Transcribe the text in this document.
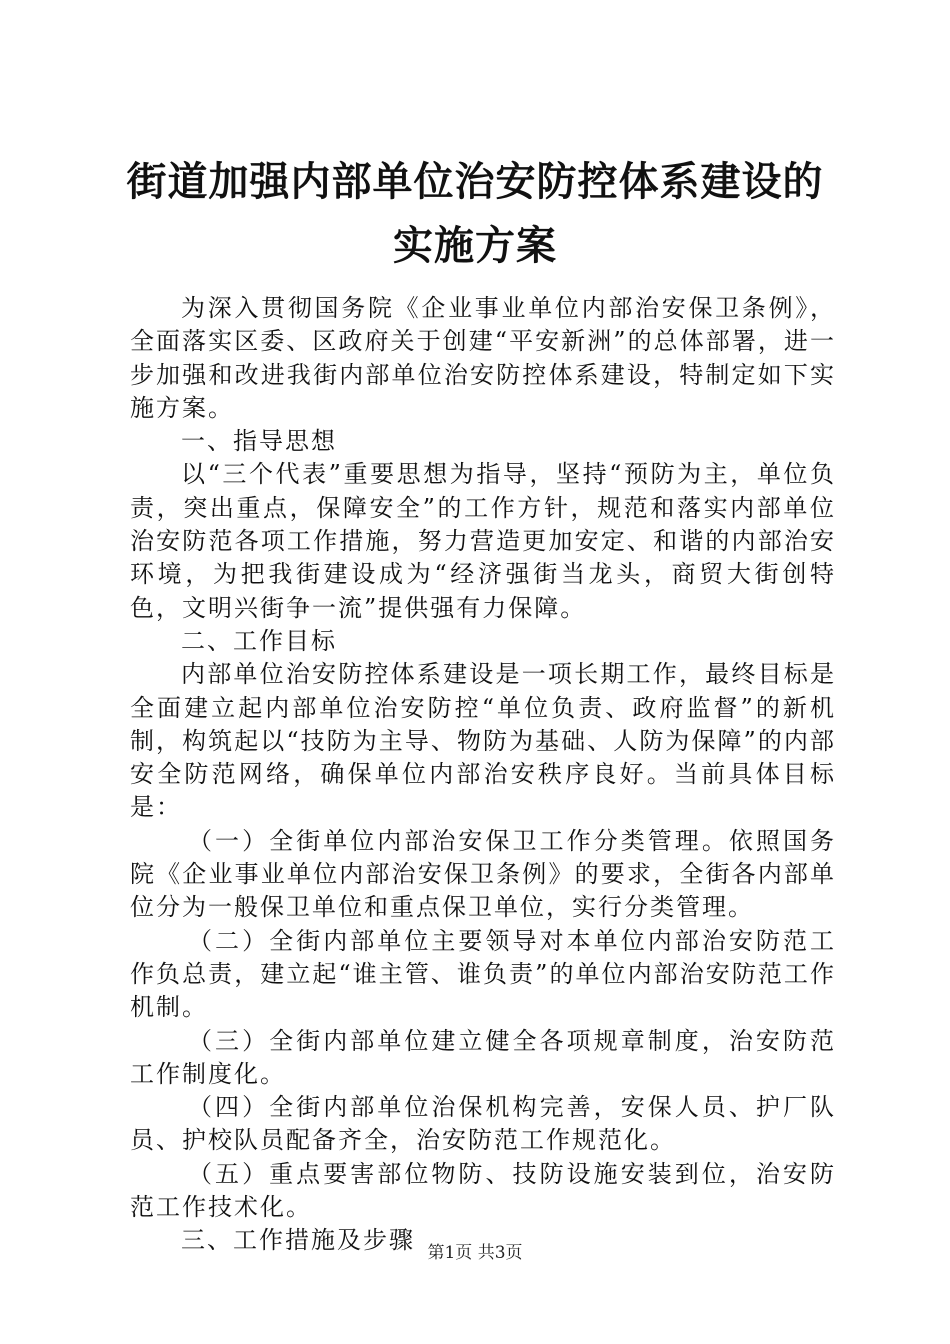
街道加强内部单位治安防控体系建设的实施方案

为深入贯彻国务院《企业事业单位内部治安保卫条例》，全面落实区委、区政府关于创建“平安新洲”的总体部署，进一步加强和改进我街内部单位治安防控体系建设，特制定如下实施方案。

一、指导思想

以“三个代表”重要思想为指导，坚持“预防为主，单位负责，突出重点，保障安全”的工作方针，规范和落实内部单位治安防范各项工作措施，努力营造更加安定、和谐的内部治安环境，为把我街建设成为“经济强街当龙头，商贸大街创特色，文明兴街争一流”提供强有力保障。

二、工作目标

内部单位治安防控体系建设是一项长期工作，最终目标是全面建立起内部单位治安防控“单位负责、政府监督”的新机制，构筑起以“技防为主导、物防为基础、人防为保障”的内部安全防范网络，确保单位内部治安秩序良好。当前具体目标是：

（一）全街单位内部治安保卫工作分类管理。依照国务院《企业事业单位内部治安保卫条例》的要求，全街各内部单位分为一般保卫单位和重点保卫单位，实行分类管理。

（二）全街内部单位主要领导对本单位内部治安防范工作负总责，建立起“谁主管、谁负责”的单位内部治安防范工作机制。

（三）全街内部单位建立健全各项规章制度，治安防范工作制度化。

（四）全街内部单位治保机构完善，安保人员、护厂队员、护校队员配备齐全，治安防范工作规范化。

（五）重点要害部位物防、技防设施安装到位，治安防范工作技术化。

三、工作措施及步骤 第1页 共3页
